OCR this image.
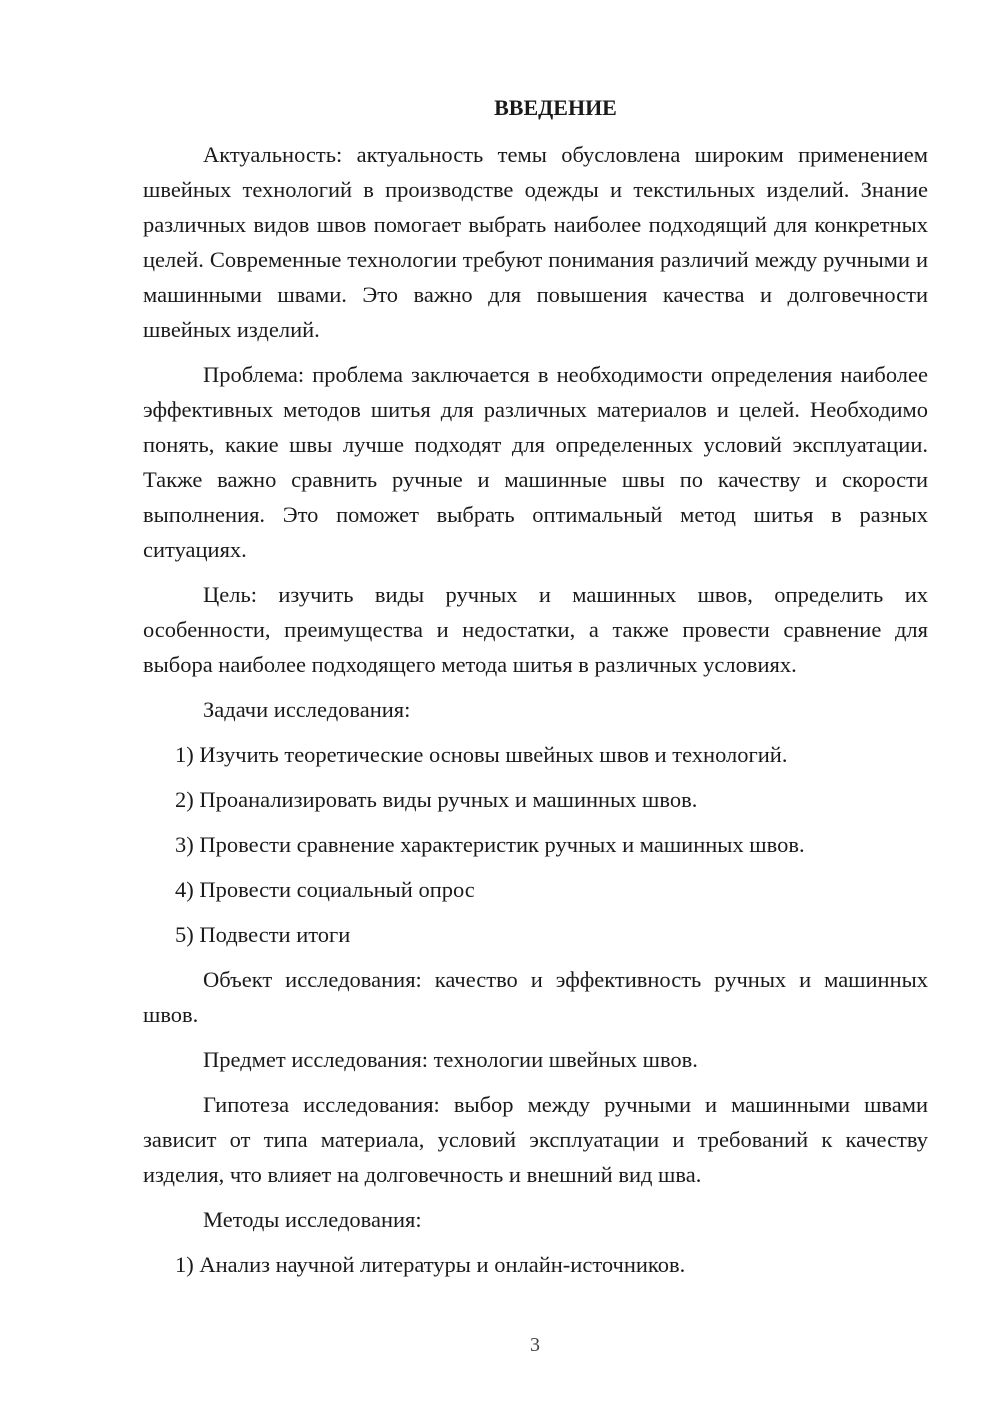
ВВЕДЕНИЕ

Актуальность: актуальность темы обусловлена широким применением швейных технологий в производстве одежды и текстильных изделий. Знание различных видов швов помогает выбрать наиболее подходящий для конкретных целей. Современные технологии требуют понимания различий между ручными и машинными швами. Это важно для повышения качества и долговечности швейных изделий.

Проблема: проблема заключается в необходимости определения наиболее эффективных методов шитья для различных материалов и целей. Необходимо понять, какие швы лучше подходят для определенных условий эксплуатации. Также важно сравнить ручные и машинные швы по качеству и скорости выполнения. Это поможет выбрать оптимальный метод шитья в разных ситуациях.

Цель: изучить виды ручных и машинных швов, определить их особенности, преимущества и недостатки, а также провести сравнение для выбора наиболее подходящего метода шитья в различных условиях.

Задачи исследования:

1) Изучить теоретические основы швейных швов и технологий.

2) Проанализировать виды ручных и машинных швов.

3) Провести сравнение характеристик ручных и машинных швов.

4) Провести социальный опрос

5) Подвести итоги

Объект исследования: качество и эффективность ручных и машинных швов.

Предмет исследования: технологии швейных швов.

Гипотеза исследования: выбор между ручными и машинными швами зависит от типа материала, условий эксплуатации и требований к качеству изделия, что влияет на долговечность и внешний вид шва.

Методы исследования:

1) Анализ научной литературы и онлайн-источников.

3
